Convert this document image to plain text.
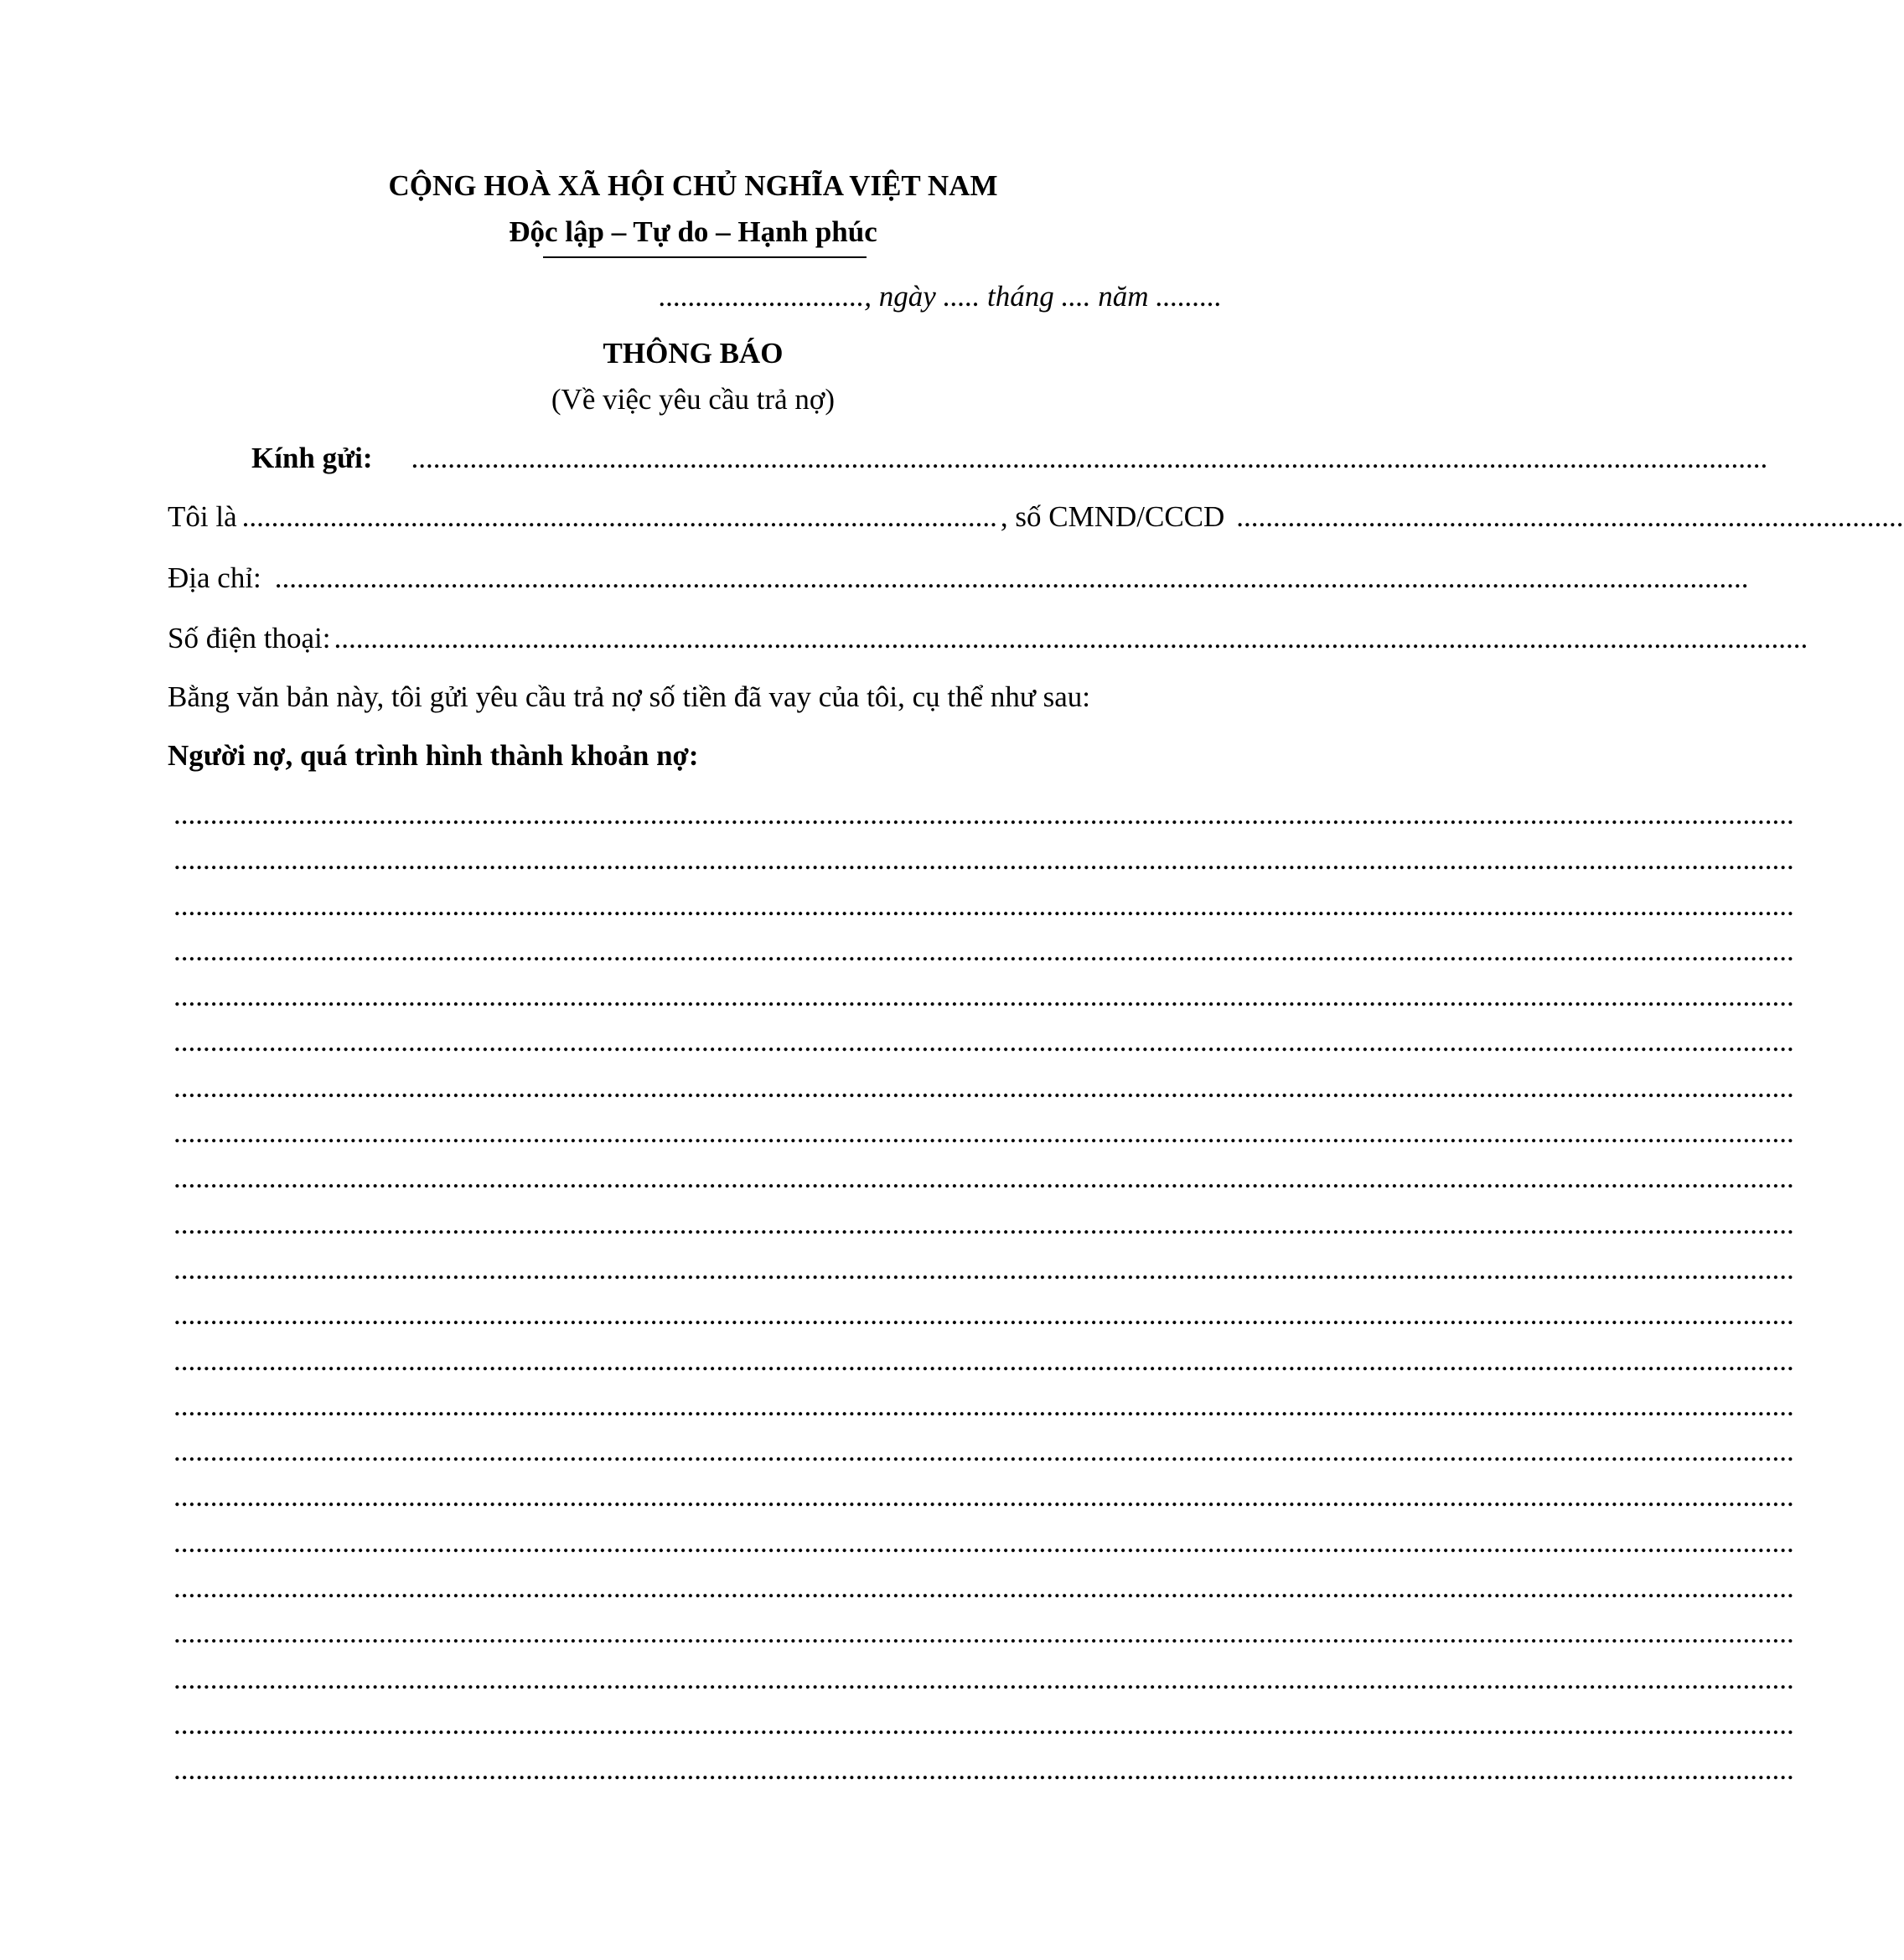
CỘNG HOÀ XÃ HỘI CHỦ NGHĨA VIỆT NAM
Độc lập – Tự do – Hạnh phúc
............................, ngày ..... tháng .... năm .........
THÔNG BÁO
(Về việc yêu cầu trả nợ)
Kính gửi: .........................................................................................................................................................................................
Tôi là ....................................................................................................... , số CMND/CCCD ...........................................................................................
Địa chỉ: .........................................................................................................................................................................................................
Số điện thoại: .........................................................................................................................................................................................................
Bằng văn bản này, tôi gửi yêu cầu trả nợ số tiền đã vay của tôi, cụ thể như sau:
Người nợ, quá trình hình thành khoản nợ:
.............................................................................................................................................................................................................................
.............................................................................................................................................................................................................................
.............................................................................................................................................................................................................................
.............................................................................................................................................................................................................................
.............................................................................................................................................................................................................................
.............................................................................................................................................................................................................................
.............................................................................................................................................................................................................................
.............................................................................................................................................................................................................................
.............................................................................................................................................................................................................................
.............................................................................................................................................................................................................................
.............................................................................................................................................................................................................................
.............................................................................................................................................................................................................................
.............................................................................................................................................................................................................................
.............................................................................................................................................................................................................................
.............................................................................................................................................................................................................................
.............................................................................................................................................................................................................................
.............................................................................................................................................................................................................................
.............................................................................................................................................................................................................................
.............................................................................................................................................................................................................................
.............................................................................................................................................................................................................................
.............................................................................................................................................................................................................................
.............................................................................................................................................................................................................................
